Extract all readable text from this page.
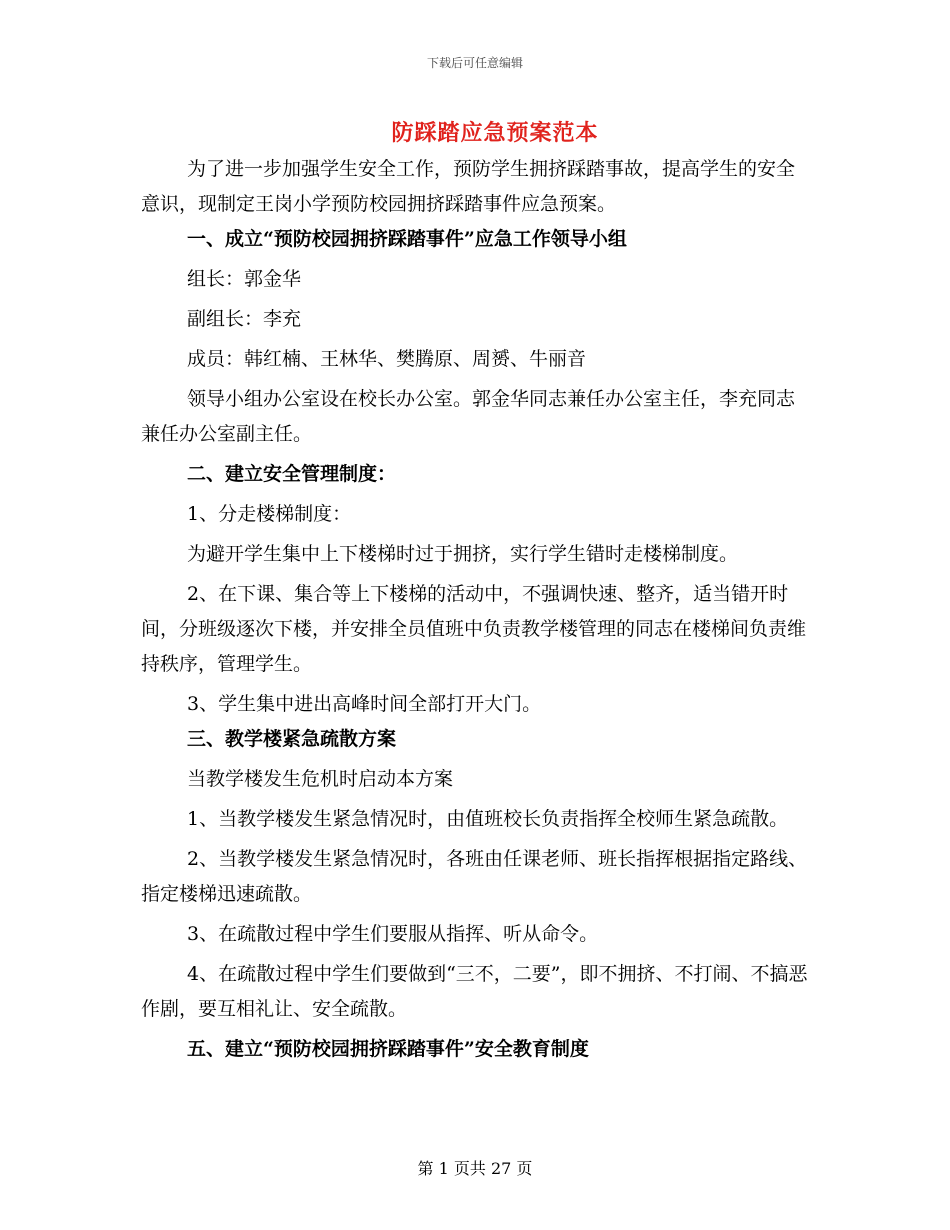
下载后可任意编辑
防踩踏应急预案范本

为了进一步加强学生安全工作，预防学生拥挤踩踏事故，提高学生的安全意识，现制定王岗小学预防校园拥挤踩踏事件应急预案。

一、成立“预防校园拥挤踩踏事件”应急工作领导小组

组长：郭金华

副组长：李充

成员：韩红楠、王林华、樊腾原、周赟、牛丽音

领导小组办公室设在校长办公室。郭金华同志兼任办公室主任，李充同志兼任办公室副主任。

二、建立安全管理制度：

1、分走楼梯制度：

为避开学生集中上下楼梯时过于拥挤，实行学生错时走楼梯制度。

2、在下课、集合等上下楼梯的活动中，不强调快速、整齐，适当错开时间，分班级逐次下楼，并安排全员值班中负责教学楼管理的同志在楼梯间负责维持秩序，管理学生。

3、学生集中进出高峰时间全部打开大门。

三、教学楼紧急疏散方案

当教学楼发生危机时启动本方案

1、当教学楼发生紧急情况时，由值班校长负责指挥全校师生紧急疏散。

2、当教学楼发生紧急情况时，各班由任课老师、班长指挥根据指定路线、指定楼梯迅速疏散。

3、在疏散过程中学生们要服从指挥、听从命令。

4、在疏散过程中学生们要做到“三不，二要”，即不拥挤、不打闹、不搞恶作剧，要互相礼让、安全疏散。

五、建立“预防校园拥挤踩踏事件”安全教育制度

第 1 页共 27 页
